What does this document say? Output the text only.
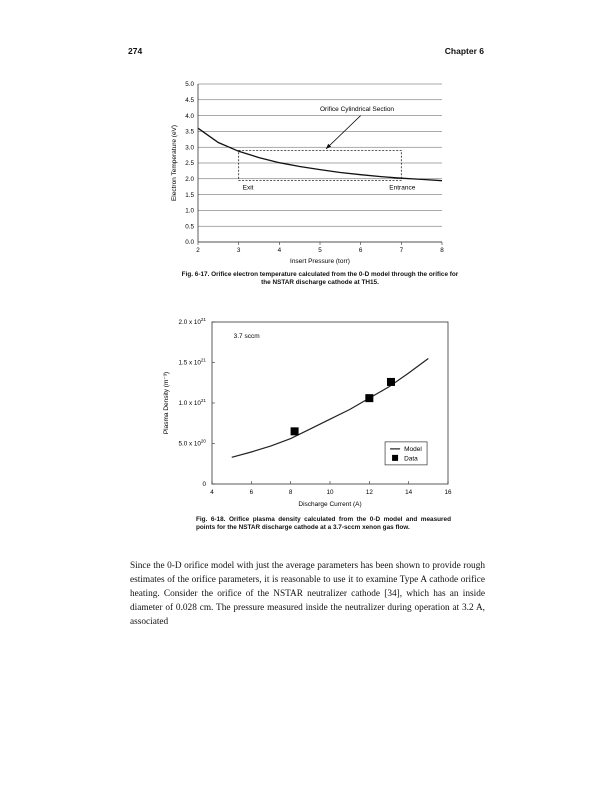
274	Chapter 6
0.0
0.5
1.0
1.5
2.0
2.5
3.0
3.5
4.0
4.5
5.0
2	3	4	5	6	7	8
Orifice Cylindrical Section
Exit	Entrance
Insert Pressure (torr)
Electron Temperature (eV)
Fig. 6-17. Orifice electron temperature calculated from the 0-D model through the orifice for the NSTAR discharge cathode at TH15.
0
5.0 x $10^{20}$
1.0 x $10^{21}$
1.5 x $10^{21}$
2.0 x $10^{21}$
4	6	8	10	12	14	16
3.7 sccm
Model
Data
Discharge Current (A)
Plasma Density (m⁻³)
Fig. 6-18. Orifice plasma density calculated from the 0-D model and measured points for the NSTAR discharge cathode at a 3.7-sccm xenon gas flow.
Since the 0-D orifice model with just the average parameters has been shown to provide rough estimates of the orifice parameters, it is reasonable to use it to examine Type A cathode orifice heating. Consider the orifice of the NSTAR neutralizer cathode [34], which has an inside diameter of 0.028 cm. The pressure measured inside the neutralizer during operation at 3.2 A, associated
